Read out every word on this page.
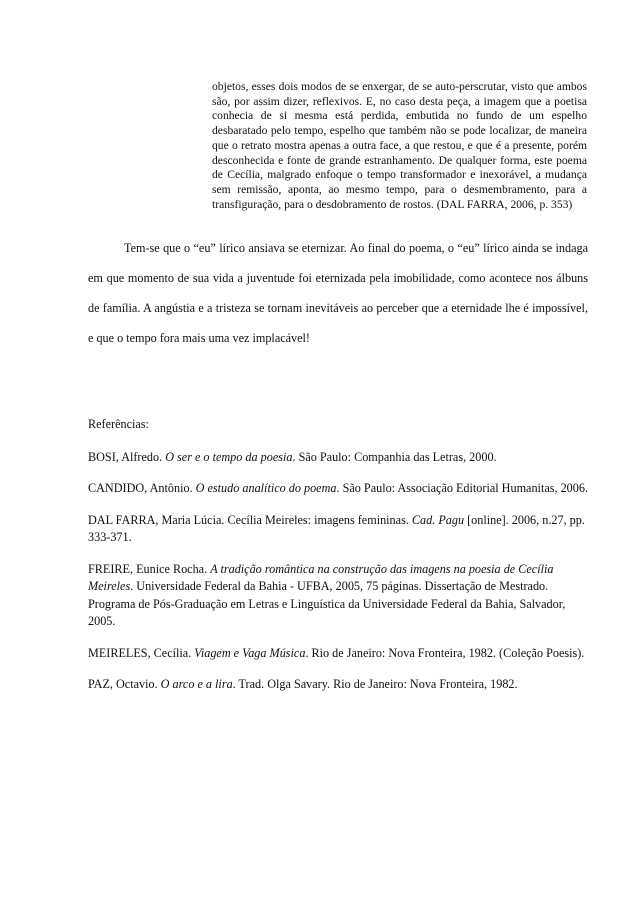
objetos, esses dois modos de se enxergar, de se auto-perscrutar, visto que ambos são, por assim dizer, reflexivos. E, no caso desta peça, a imagem que a poetisa conhecia de si mesma está perdida, embutida no fundo de um espelho desbaratado pelo tempo, espelho que também não se pode localizar, de maneira que o retrato mostra apenas a outra face, a que restou, e que é a presente, porém desconhecida e fonte de grande estranhamento. De qualquer forma, este poema de Cecília, malgrado enfoque o tempo transformador e inexorável, a mudança sem remissão, aponta, ao mesmo tempo, para o desmembramento, para a transfiguração, para o desdobramento de rostos. (DAL FARRA, 2006, p. 353)

Tem-se que o “eu” lírico ansiava se eternizar. Ao final do poema, o “eu” lírico ainda se indaga em que momento de sua vida a juventude foi eternizada pela imobilidade, como acontece nos álbuns de família. A angústia e a tristeza se tornam inevitáveis ao perceber que a eternidade lhe é impossível, e que o tempo fora mais uma vez implacável!

Referências:

BOSI, Alfredo. O ser e o tempo da poesia. São Paulo: Companhia das Letras, 2000.

CANDIDO, Antônio. O estudo analítico do poema. São Paulo: Associação Editorial Humanitas, 2006.

DAL FARRA, Maria Lúcia. Cecília Meireles: imagens femininas. Cad. Pagu [online]. 2006, n.27, pp. 333-371.

FREIRE, Eunice Rocha. A tradição romântica na construção das imagens na poesia de Cecília Meireles. Universidade Federal da Bahia - UFBA, 2005, 75 páginas. Dissertação de Mestrado. Programa de Pós-Graduação em Letras e Linguística da Universidade Federal da Bahia, Salvador, 2005.

MEIRELES, Cecília. Viagem e Vaga Música. Rio de Janeiro: Nova Fronteira, 1982. (Coleção Poesis).

PAZ, Octavio. O arco e a lira. Trad. Olga Savary. Rio de Janeiro: Nova Fronteira, 1982.
